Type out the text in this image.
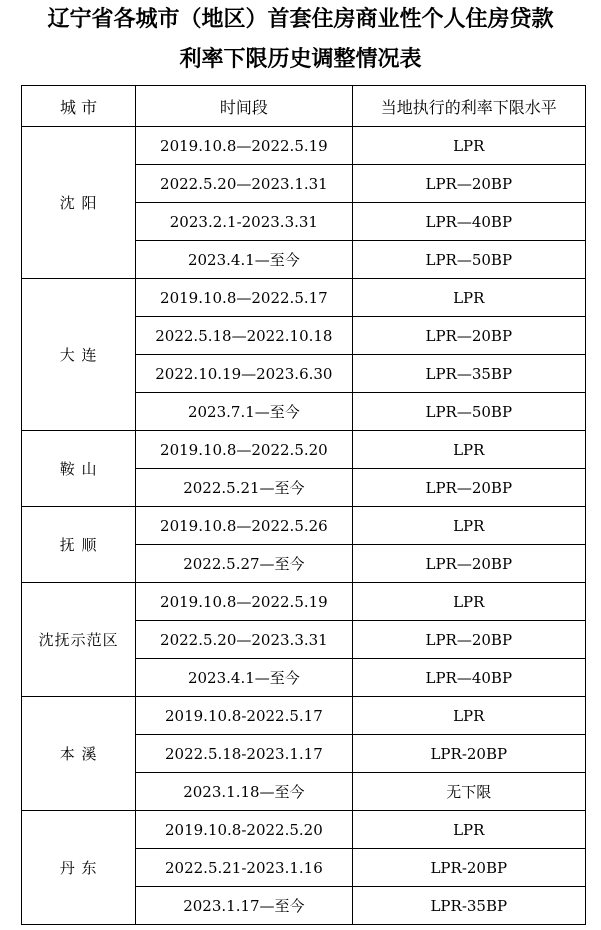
辽宁省各城市（地区）首套住房商业性个人住房贷款
利率下限历史调整情况表
城 市	时间段	当地执行的利率下限水平
沈 阳	2019.10.8—2022.5.19	LPR
	2022.5.20—2023.1.31	LPR—20BP
	2023.2.1-2023.3.31	LPR—40BP
	2023.4.1—至今	LPR—50BP
大 连	2019.10.8—2022.5.17	LPR
	2022.5.18—2022.10.18	LPR—20BP
	2022.10.19—2023.6.30	LPR—35BP
	2023.7.1—至今	LPR—50BP
鞍 山	2019.10.8—2022.5.20	LPR
	2022.5.21—至今	LPR—20BP
抚 顺	2019.10.8—2022.5.26	LPR
	2022.5.27—至今	LPR—20BP
沈抚示范区	2019.10.8—2022.5.19	LPR
	2022.5.20—2023.3.31	LPR—20BP
	2023.4.1—至今	LPR—40BP
本 溪	2019.10.8-2022.5.17	LPR
	2022.5.18-2023.1.17	LPR-20BP
	2023.1.18—至今	无下限
丹 东	2019.10.8-2022.5.20	LPR
	2022.5.21-2023.1.16	LPR-20BP
	2023.1.17—至今	LPR-35BP
